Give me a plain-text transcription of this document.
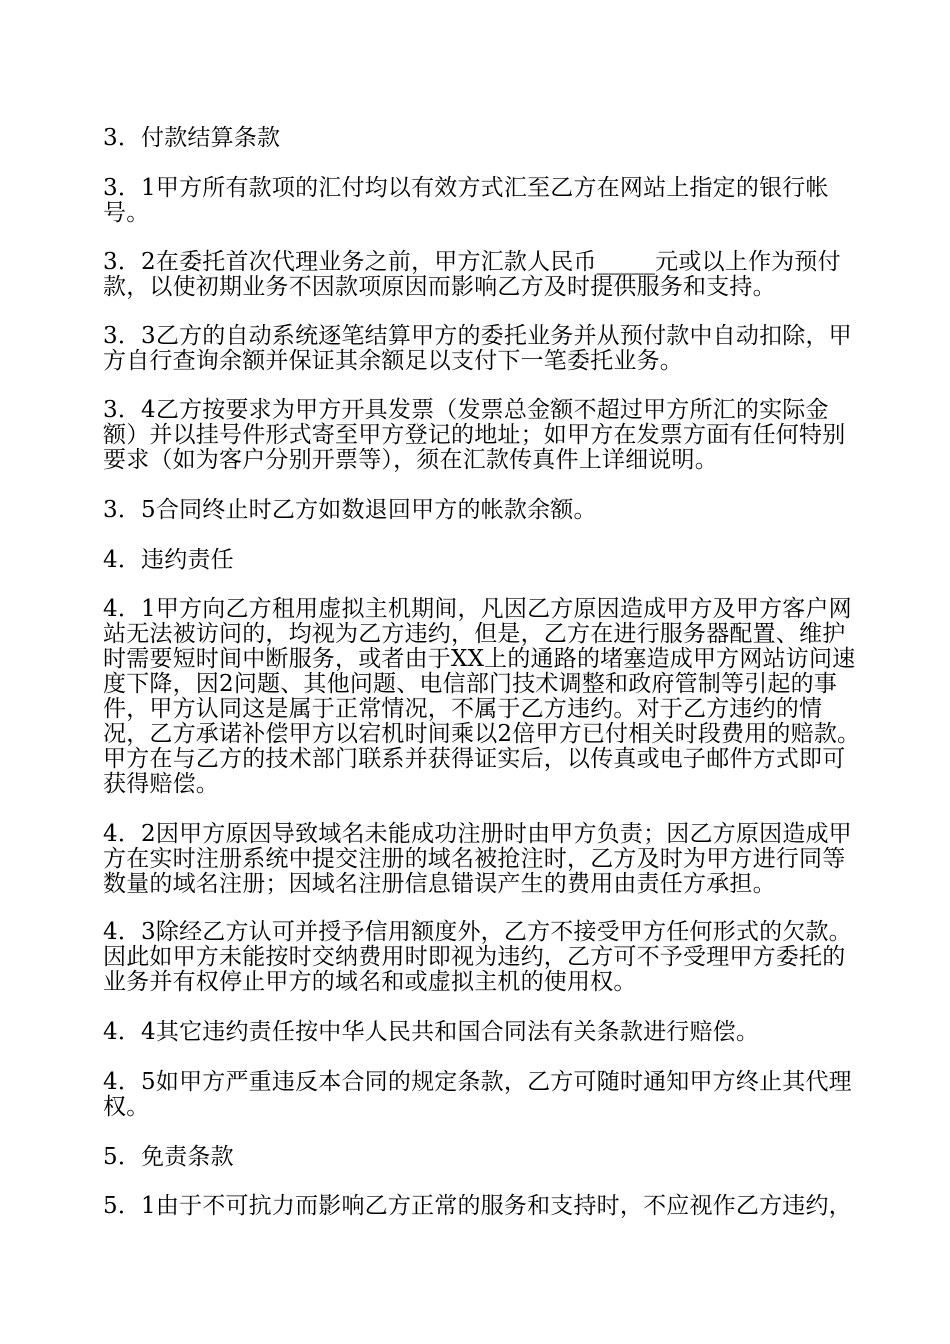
3．付款结算条款

3．1甲方所有款项的汇付均以有效方式汇至乙方在网站上指定的银行帐号。

3．2在委托首次代理业务之前，甲方汇款人民币_____元或以上作为预付款，以使初期业务不因款项原因而影响乙方及时提供服务和支持。

3．3乙方的自动系统逐笔结算甲方的委托业务并从预付款中自动扣除，甲方自行查询余额并保证其余额足以支付下一笔委托业务。

3．4乙方按要求为甲方开具发票（发票总金额不超过甲方所汇的实际金额）并以挂号件形式寄至甲方登记的地址；如甲方在发票方面有任何特别要求（如为客户分别开票等），须在汇款传真件上详细说明。

3．5合同终止时乙方如数退回甲方的帐款余额。

4．违约责任

4．1甲方向乙方租用虚拟主机期间，凡因乙方原因造成甲方及甲方客户网站无法被访问的，均视为乙方违约，但是，乙方在进行服务器配置、维护时需要短时间中断服务，或者由于XX上的通路的堵塞造成甲方网站访问速度下降，因2问题、其他问题、电信部门技术调整和政府管制等引起的事件，甲方认同这是属于正常情况，不属于乙方违约。对于乙方违约的情况，乙方承诺补偿甲方以宕机时间乘以2倍甲方已付相关时段费用的赔款。甲方在与乙方的技术部门联系并获得证实后，以传真或电子邮件方式即可获得赔偿。

4．2因甲方原因导致域名未能成功注册时由甲方负责；因乙方原因造成甲方在实时注册系统中提交注册的域名被抢注时，乙方及时为甲方进行同等数量的域名注册；因域名注册信息错误产生的费用由责任方承担。

4．3除经乙方认可并授予信用额度外，乙方不接受甲方任何形式的欠款。因此如甲方未能按时交纳费用时即视为违约，乙方可不予受理甲方委托的业务并有权停止甲方的域名和或虚拟主机的使用权。

4．4其它违约责任按中华人民共和国合同法有关条款进行赔偿。

4．5如甲方严重违反本合同的规定条款，乙方可随时通知甲方终止其代理权。

5．免责条款

5．1由于不可抗力而影响乙方正常的服务和支持时，不应视作乙方违约，
